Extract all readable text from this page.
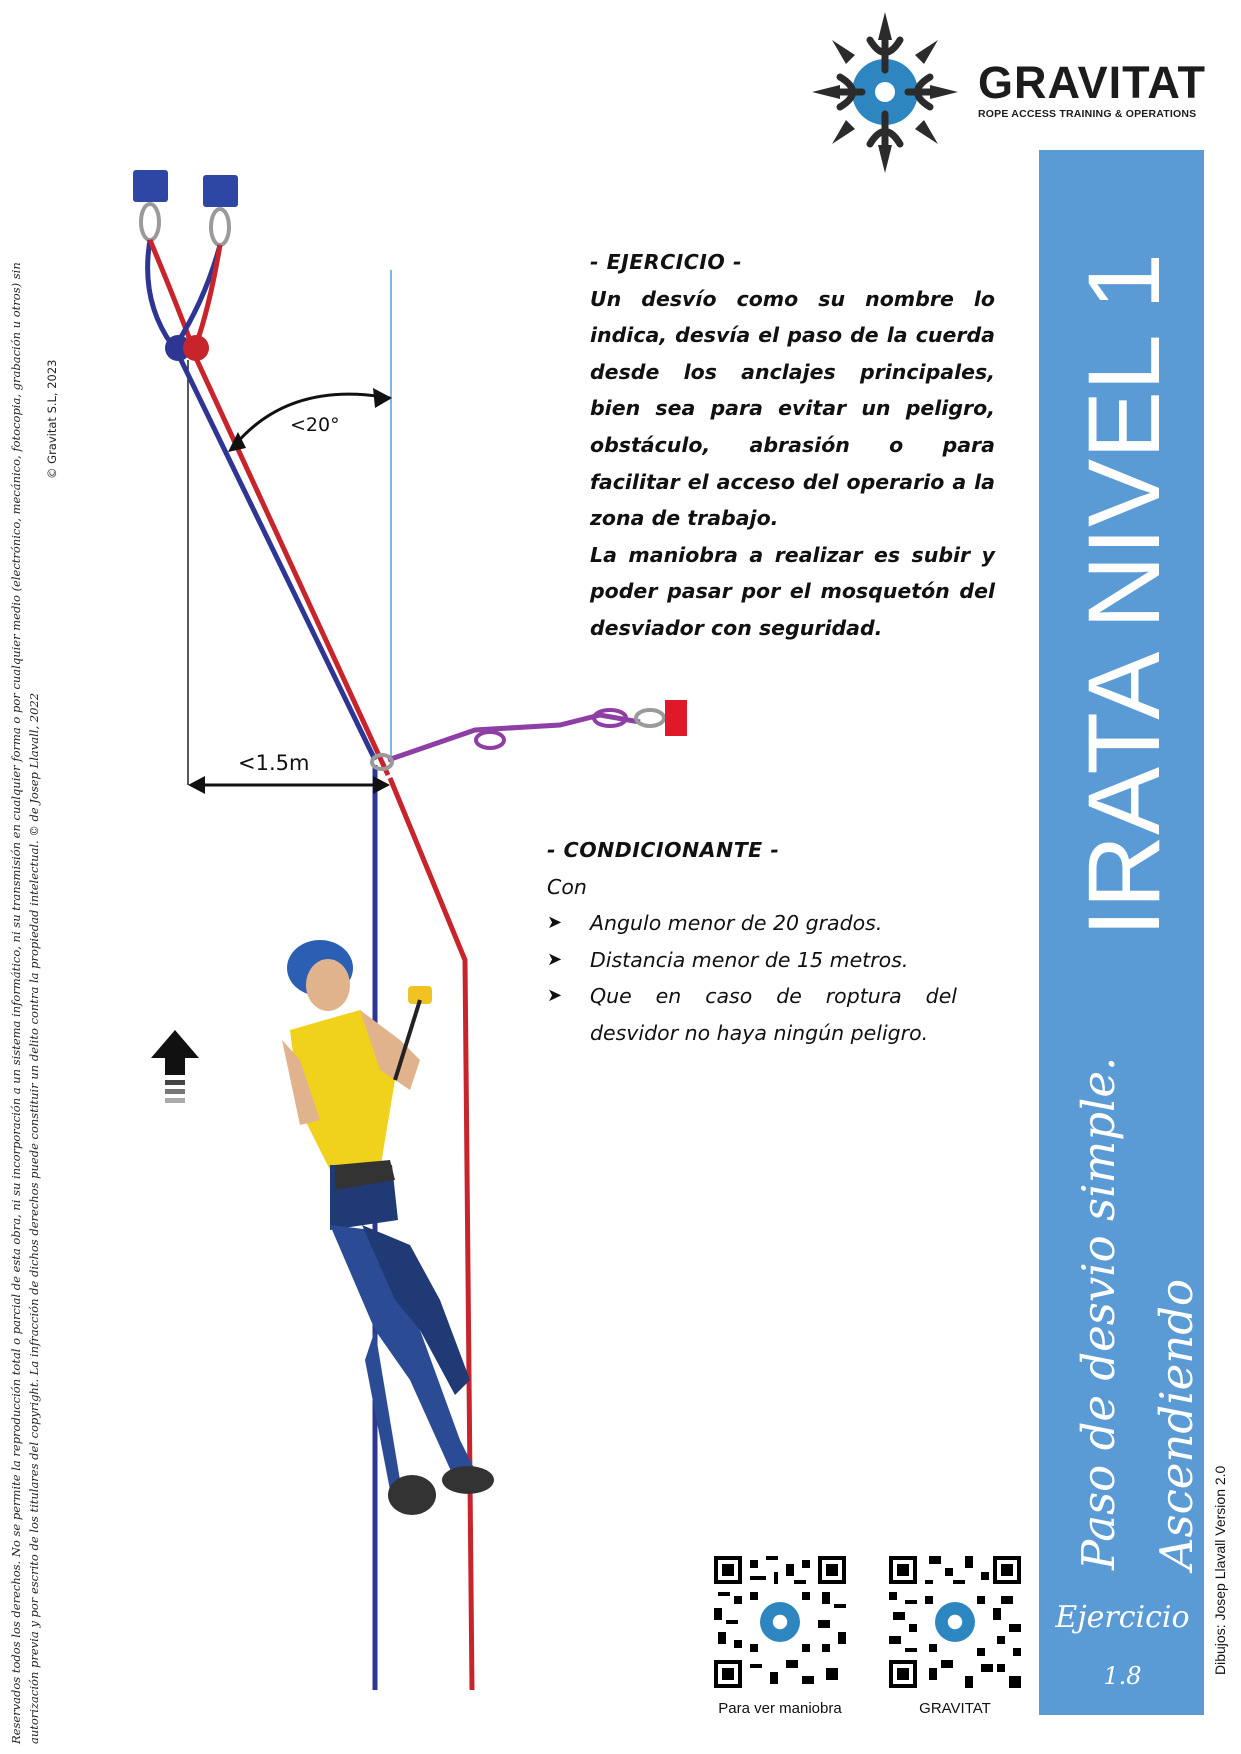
Reservados todos los derechos. No se permite la reproducción total o parcial de esta obra, ni su incorporación a un sistema informático, ni su transmisión en cualquier forma o por cualquier medio (electrónico, mecánico, fotocopia, grabación u otros) sin autorización previa y por escrito de los titulares del copyright. La infracción de dichos derechos puede constituir un delito contra la propiedad intelectual. © de Josep Llavall, 2022
© Gravitat S.L, 2023
GRAVITAT
ROPE ACCESS TRAINING & OPERATIONS
IRATA NIVEL 1
Paso de desvio simple. Ascendiendo
Ejercicio
1.8
Dibujos: Josep Llavall Version 2.0
<20°
<1.5m

- EJERCICIO -

Un desvío como su nombre lo indica, desvía el paso de la cuerda desde los anclajes principales, bien sea para evitar un peligro, obstáculo, abrasión o para facilitar el acceso del operario a la zona de trabajo.

La maniobra a realizar es subir y poder pasar por el mosquetón del desviador con seguridad.

- CONDICIONANTE -

Con

➤ Angulo menor de 20 grados.
➤ Distancia menor de 15 metros.
➤ Que en caso de roptura del desvidor no haya ningún peligro.
Para ver maniobra	GRAVITAT
